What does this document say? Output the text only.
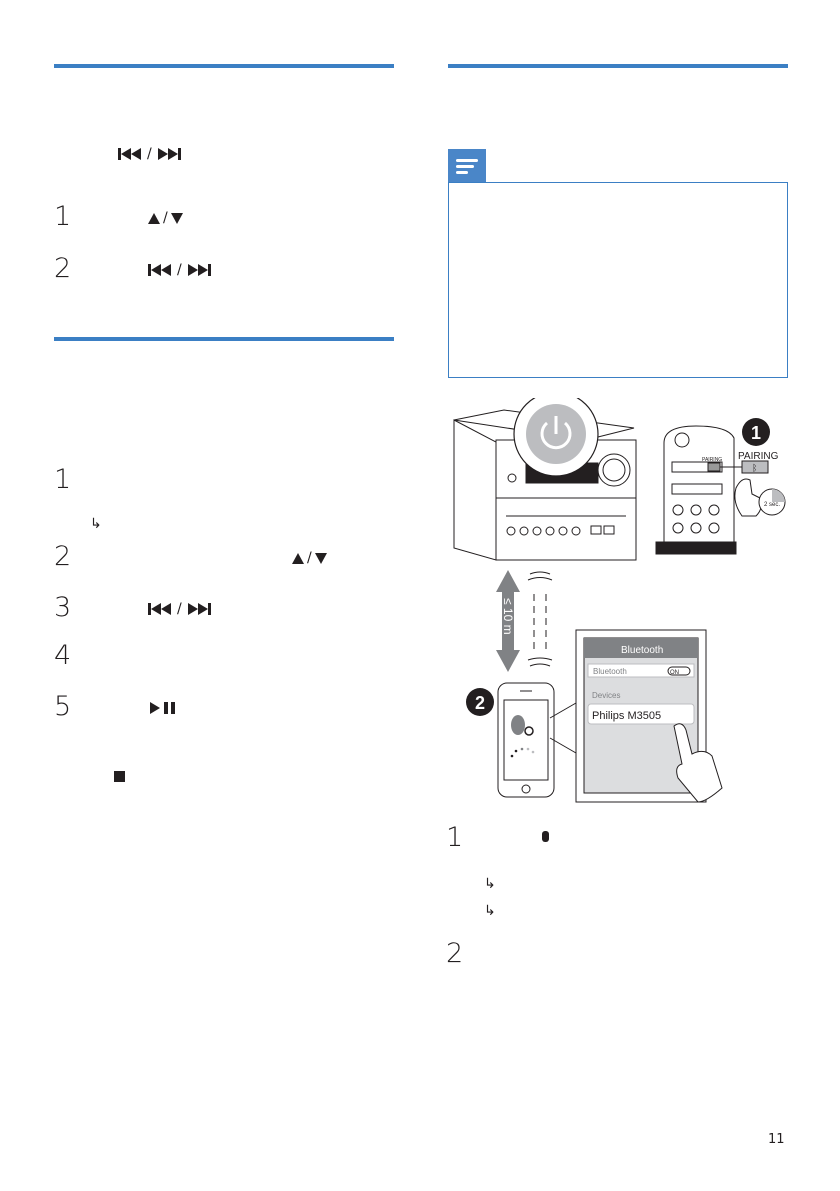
/
1	/
2	/
1
↳
2	/
3	/
4
5
PAIRING
ᛒ
PAIRING
2 sec.
1
≤ 10 m
2
Bluetooth
Bluetooth	ON
Devices
Philips M3505
1
↳
↳
2
11
